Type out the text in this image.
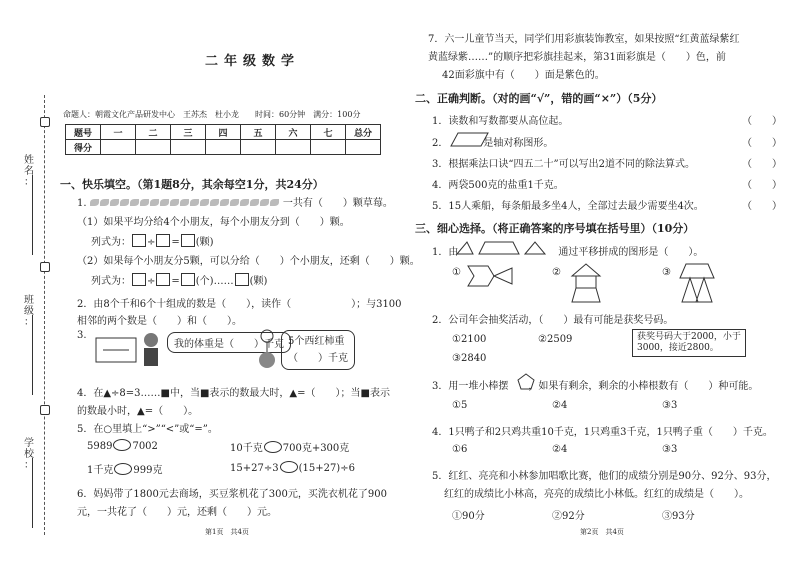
姓
名
：
班
级
：
学
校
：
二年级数学
命题人：朝霞文化产品研发中心　王苏杰　杜小龙　　时间：60分钟　满分：100分
题号	一	二	三	四	五	六	七	总分
得分								
一、快乐填空。（第1题8分，其余每空1分，共24分）
1.	一共有（　　）颗草莓。
（1）如果平均分给4个小朋友，每个小朋友分到（　　）颗。
列式为： ÷ = (颗)
（2）如果每个小朋友分5颗，可以分给（　　）个小朋友，还剩（　　）颗。
列式为： ÷ = (个)…… (颗)
2．由8个千和6个十组成的数是（　　），读作（　　　　　　）；与3100
相邻的两个数是（　　）和（　　）。
3.
我的体重是（　　）千克 5个西红柿重
（　　）千克
4．在▲÷8=3……■中，当■表示的数最大时，▲=（　　）；当■表示
的数最小时，▲=（　　）。
5．在○里填上“>”“<”或“=”。
5989 7002	10千克 700克+300克
1千克 999克	15+27÷3 (15+27)÷6
6．妈妈带了1800元去商场，买豆浆机花了300元，买洗衣机花了900
元，一共花了（　　）元，还剩（　　）元。
第1页　共4页
7．六一儿童节当天，同学们用彩旗装饰教室，如果按照“红黄蓝绿紫红
黄蓝绿紫……”的顺序把彩旗挂起来，第31面彩旗是（　　）色，前
42面彩旗中有（　　）面是紫色的。
二、正确判断。（对的画“√”，错的画“×”）（5分）
1．读数和写数都要从高位起。	（　　）
2．　　　　是轴对称图形。	（　　）
3．根据乘法口诀“四五二十”可以写出2道不同的除法算式。	（　　）
4．两袋500克的盐重1千克。	（　　）
5．15人乘船，每条船最多坐4人，全部过去最少需要坐4次。	（　　）
三、细心选择。（将正确答案的序号填在括号里）（10分）
1．由　　　　　　　　　　通过平移拼成的图形是（　　）。
①	②	③
2．公司年会抽奖活动，（　　）最有可能是获奖号码。
①2100	②2509
③2840
获奖号码大于2000，小于
3000，接近2800。
3．用一堆小棒摆　　，如果有剩余，剩余的小棒根数有（　　）种可能。
①5	②4	③3
4．1只鸭子和2只鸡共重10千克，1只鸡重3千克，1只鸭子重（　　）千克。
①6	②4	③3
5．红红、亮亮和小林参加唱歌比赛，他们的成绩分别是90分、92分、93分，
红红的成绩比小林高，亮亮的成绩比小林低。红红的成绩是（　　）。
①90分	②92分	③93分
第2页　共4页
